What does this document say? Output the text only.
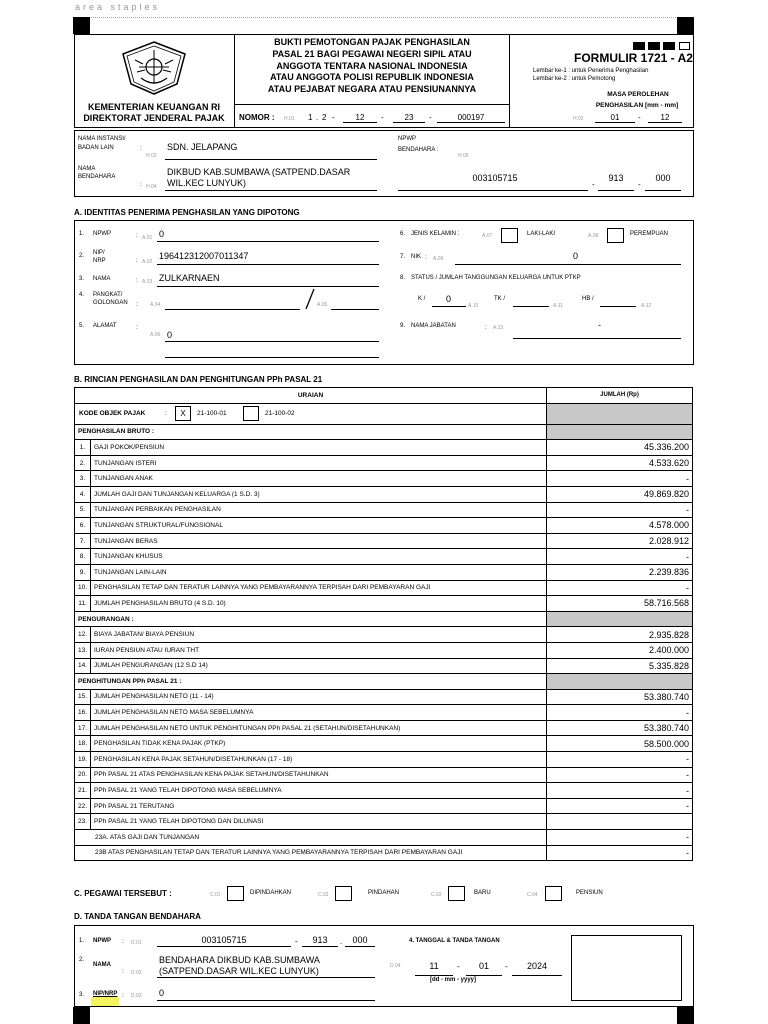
area staples
KEMENTERIAN KEUANGAN RI
DIREKTORAT JENDERAL PAJAK
BUKTI PEMOTONGAN PAJAK PENGHASILAN
PASAL 21 BAGI PEGAWAI NEGERI SIPIL ATAU
ANGGOTA TENTARA NASIONAL INDONESIA
ATAU ANGGOTA POLISI REPUBLIK INDONESIA
ATAU PEJABAT NEGARA ATAU PENSIUNANNYA
NOMOR : H.01 1 . 2 -	12	-	23	-	000197
FORMULIR 1721 - A2
Lembar ke-1 : untuk Penerima Penghasilan
Lembar ke-2 : untuk Pemotong
MASA PEROLEHAN
PENGHASILAN [mm - mm]
H.02	01	-	12
NAMA INSTANSI/
BADAN LAIN	:
H.03
SDN. JELAPANG
NAMA
BENDAHARA
: H.04
DIKBUD KAB.SUMBAWA (SATPEND.DASAR
WIL.KEC LUNYUK)
NPWP
BENDAHARA :
H.05
003105715
-
913
-
000
A. IDENTITAS PENERIMA PENGHASILAN YANG DIPOTONG
1. NPWP	: A.01 0
2. NIP/
NRP	: A.02
196412312007011347
3. NAMA	: A.03 ZULKARNAEN
4. PANGKAT/
GOLONGAN : A.04	A.05
5. ALAMAT	:
A.06 0
6. JENIS KELAMIN :	A.07	LAKI-LAKI	A.08	PEREMPUAN
7. NIK : A.09	0
8. STATUS / JUMLAH TANGGUNGAN KELUARGA UNTUK PTKP
K / 0
A.10
TK /
A.11
HB /
A.12
9. NAMA JABATAN	: A.13	-
B. RINCIAN PENGHASILAN DAN PENGHITUNGAN PPh PASAL 21
URAIAN		JUMLAH (Rp)

KODE OBJEK PAJAK : X 21-100-01 21-100-02		

PENGHASILAN BRUTO :		
1.	GAJI POKOK/PENSIUN	45.336.200
2.	TUNJANGAN ISTERI	4.533.620
3.	TUNJANGAN ANAK	-
4.	JUMLAH GAJI DAN TUNJANGAN KELUARGA (1 S.D. 3)	49.869.820
5.	TUNJANGAN PERBAIKAN PENGHASILAN	-
6.	TUNJANGAN STRUKTURAL/FUNGSIONAL	4.578.000
7.	TUNJANGAN BERAS	2.028.912
8.	TUNJANGAN KHUSUS	-
9.	TUNJANGAN LAIN-LAIN	2.239.836
10.	PENGHASILAN TETAP DAN TERATUR LAINNYA YANG PEMBAYARANNYA TERPISAH DARI PEMBAYARAN GAJI	-
11.	JUMLAH PENGHASILAN BRUTO (4 S.D. 10)	58.716.568
PENGURANGAN :		
12.	BIAYA JABATAN/ BIAYA PENSIUN	2.935.828
13.	IURAN PENSIUN ATAU IURAN THT	2.400.000
14.	JUMLAH PENGURANGAN (12 S.D 14)	5.335.828
PENGHITUNGAN PPh PASAL 21 :		
15.	JUMLAH PENGHASILAN NETO (11 - 14)	53.380.740
16.	JUMLAH PENGHASILAN NETO MASA SEBELUMNYA	-
17.	JUMLAH PENGHASILAN NETO UNTUK PENGHITUNGAN PPh PASAL 21 (SETAHUN/DISETAHUNKAN)	53.380.740
18.	PENGHASILAN TIDAK KENA PAJAK (PTKP)	58.500.000
19.	PENGHASILAN KENA PAJAK SETAHUN/DISETAHUNKAN (17 - 18)	-
20.	PPh PASAL 21 ATAS PENGHASILAN KENA PAJAK SETAHUN/DISETAHUNKAN	-
21.	PPh PASAL 21 YANG TELAH DIPOTONG MASA SEBELUMNYA	-
22.	PPh PASAL 21 TERUTANG	-
23.	PPh PASAL 21 YANG TELAH DIPOTONG DAN DILUNASI	
23A. ATAS GAJI DAN TUNJANGAN		-
23B ATAS PENGHASILAN TETAP DAN TERATUR LAINNYA YANG PEMBAYARANNYA TERPISAH DARI PEMBAYARAN GAJI		-
C. PEGAWAI TERSEBUT :	C.01	DIPINDAHKAN	C.02	PINDAHAN	C.03	BARU	C.04	PENSIUN
D. TANDA TANGAN BENDAHARA
1. NPWP : D.01	003105715	-	913	.	000
2.
NAMA
: D.02
BENDAHARA DIKBUD KAB.SUMBAWA
(SATPEND.DASAR WIL.KEC LUNYUK)
3. NIP/NRP : D.03 0
4. TANGGAL & TANDA TANGAN
D.04	11	-	01	-	2024
[dd - mm - yyyy]
